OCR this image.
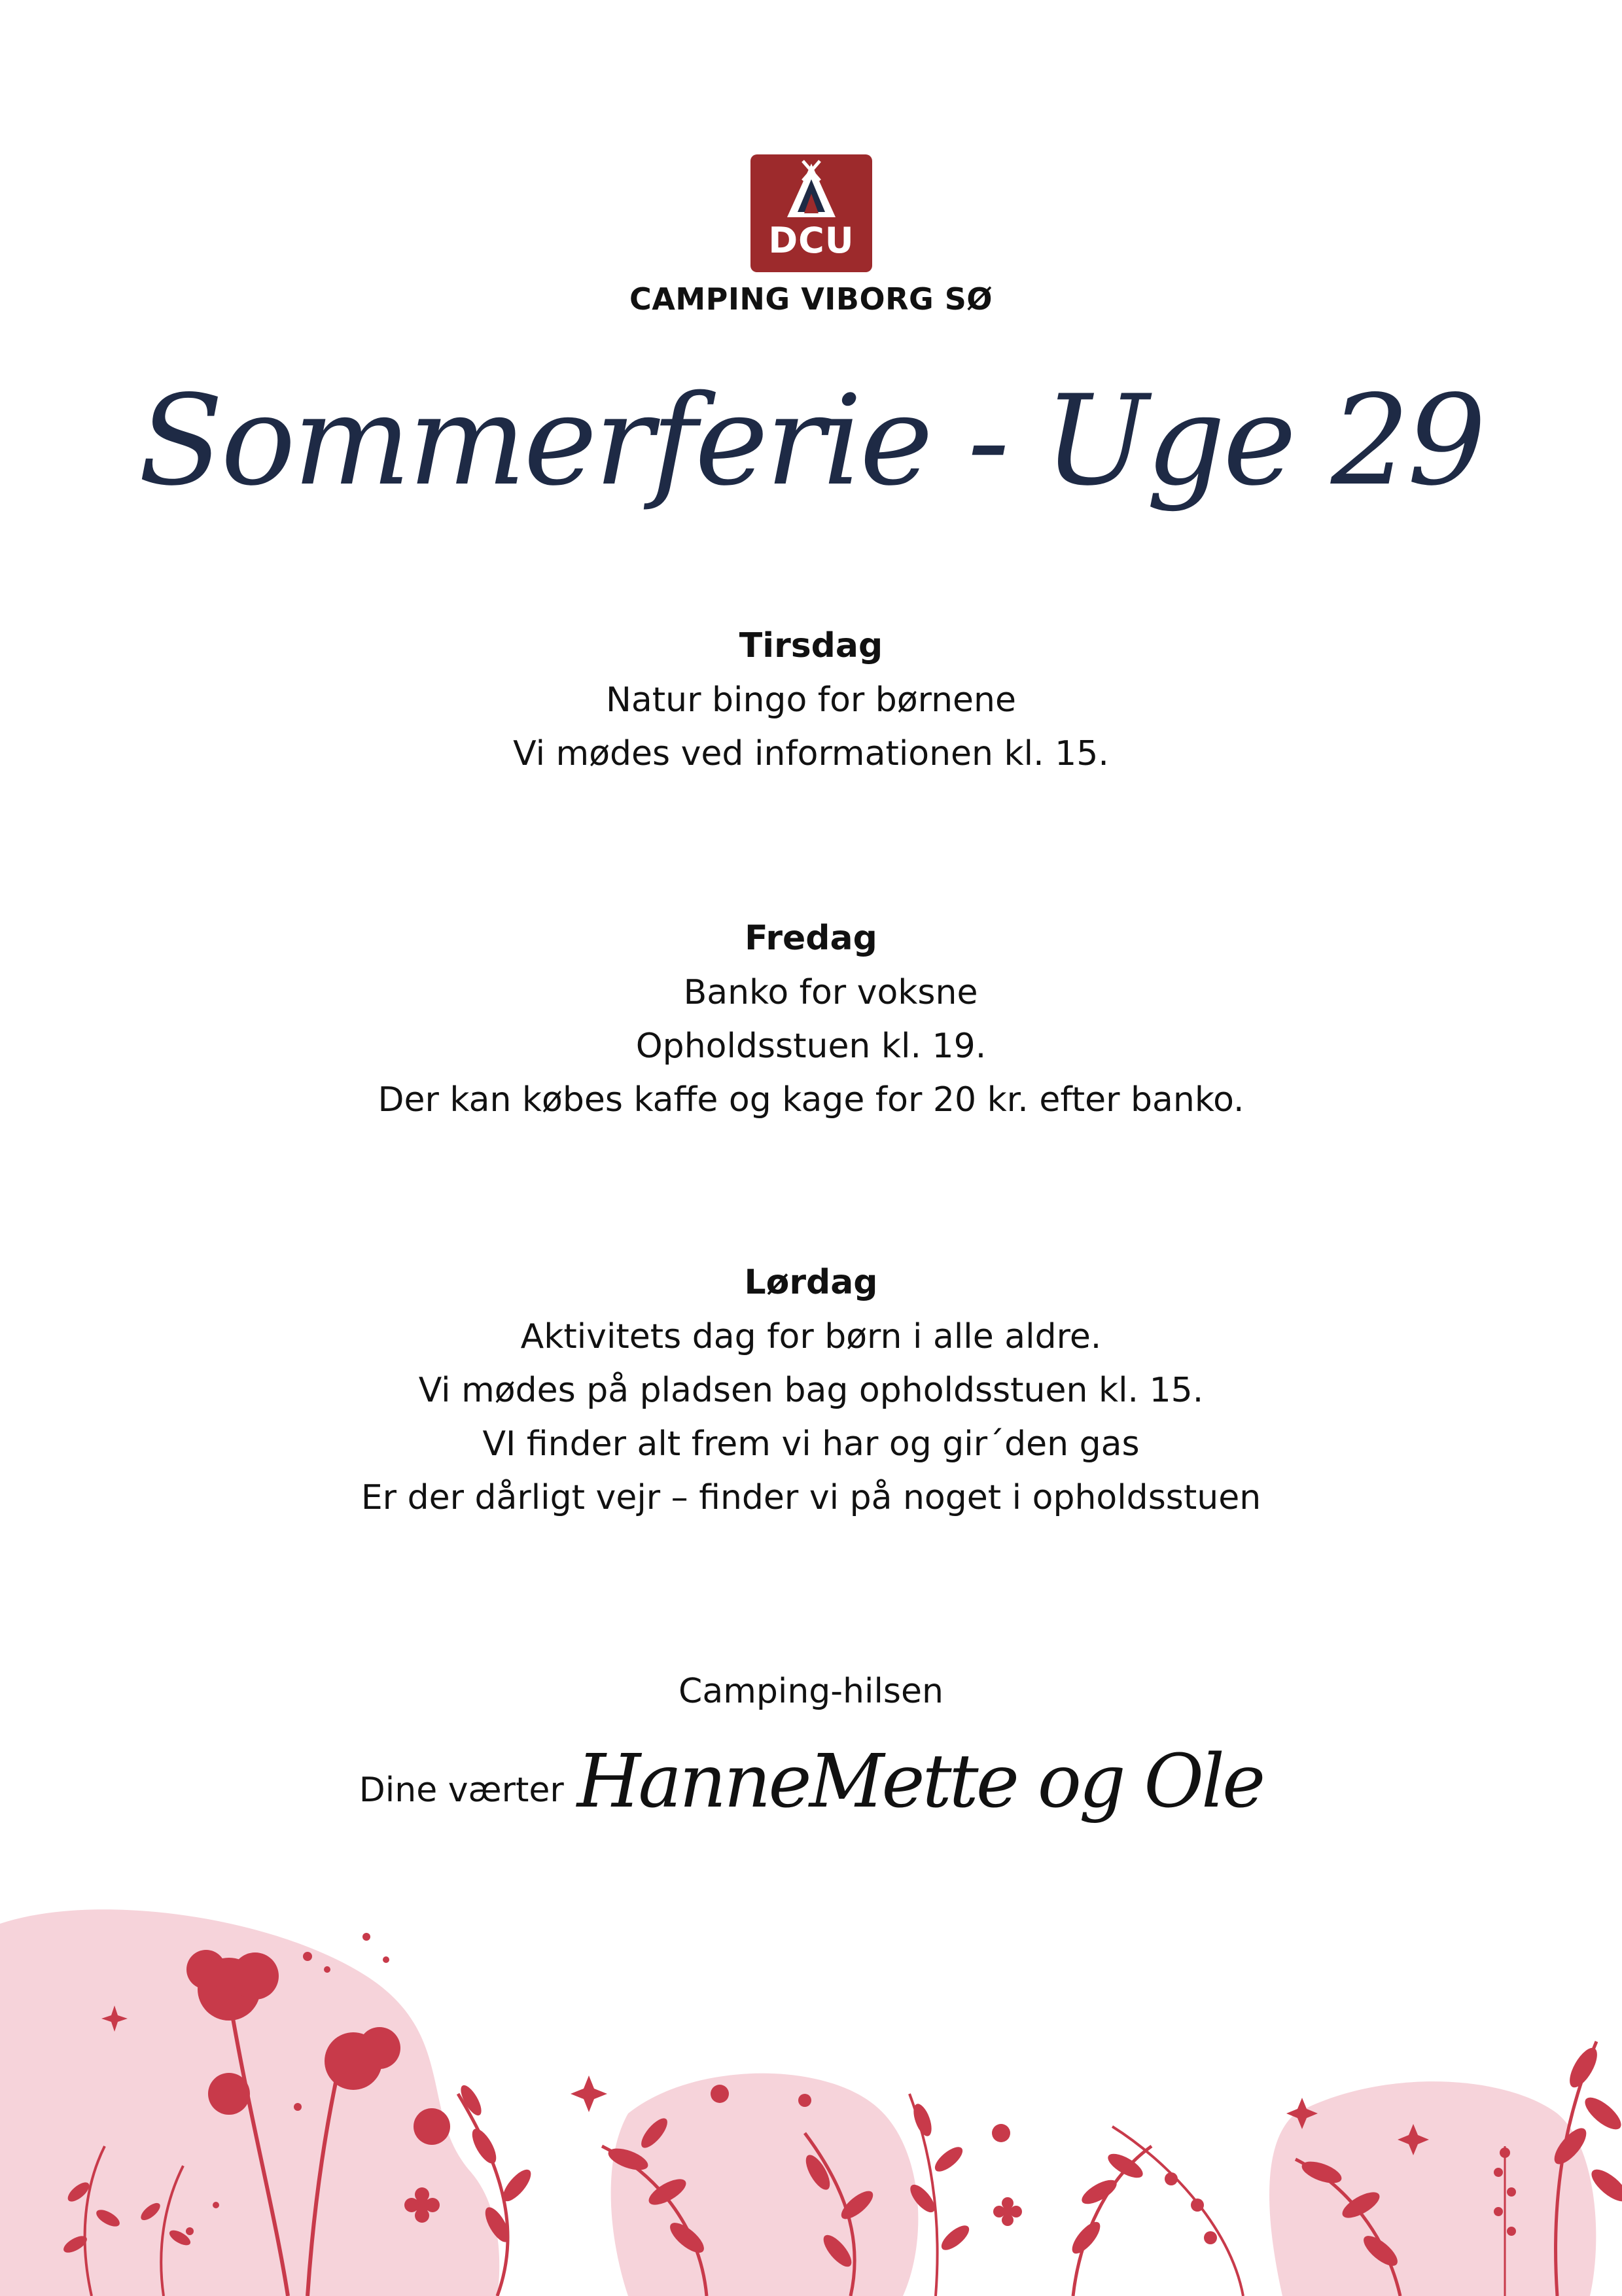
DCU
CAMPING VIBORG SØ
Sommerferie - Uge 29
Tirsdag
Natur bingo for børnene
Vi mødes ved informationen kl. 15.
Fredag
Banko for voksne
Opholdsstuen kl. 19.
Der kan købes kaffe og kage for 20 kr. efter banko.
Lørdag
Aktivitets dag for børn i alle aldre.
Vi mødes på pladsen bag opholdsstuen kl. 15.
VI finder alt frem vi har og gir´den gas
Er der dårligt vejr – finder vi på noget i opholdsstuen
Camping-hilsen
Dine værter HanneMette og Ole
